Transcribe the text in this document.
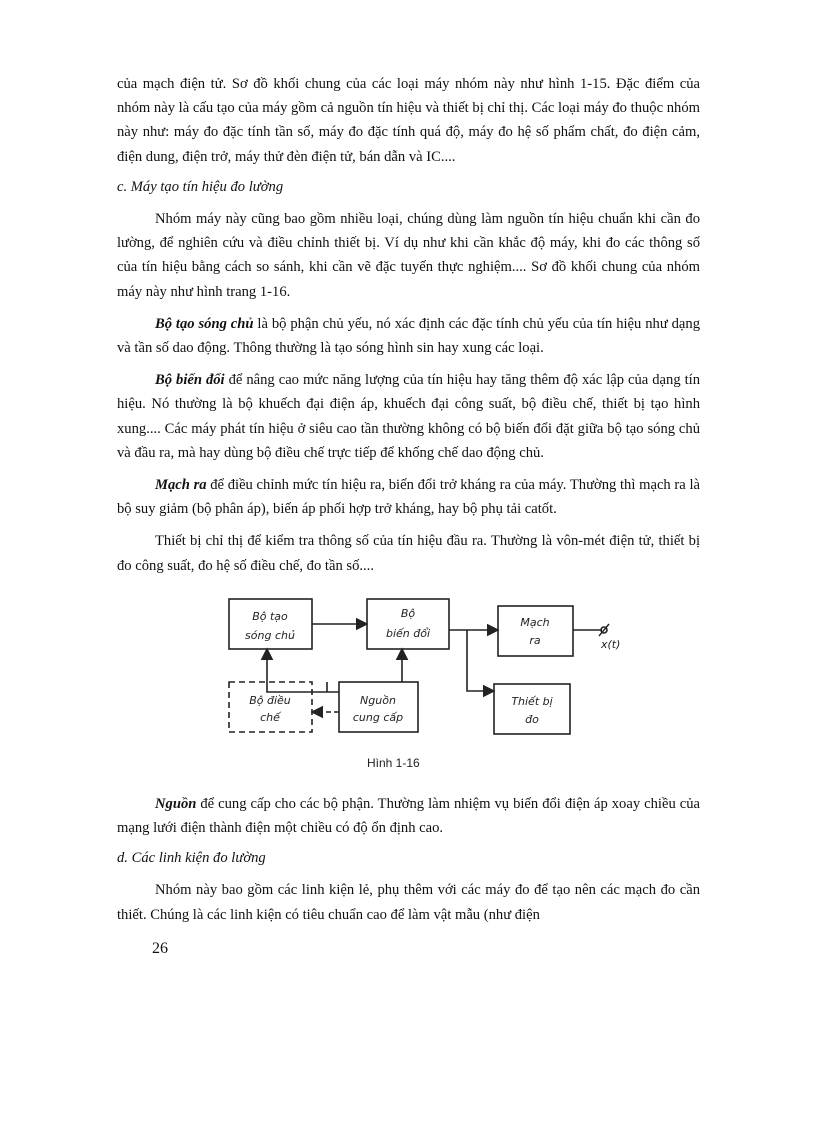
của mạch điện tử. Sơ đồ khối chung của các loại máy nhóm này như hình 1-15. Đặc điểm của nhóm này là cấu tạo của máy gồm cả nguồn tín hiệu và thiết bị chỉ thị. Các loại máy đo thuộc nhóm này như: máy đo đặc tính tần số, máy đo đặc tính quá độ, máy đo hệ số phẩm chất, đo điện cảm, điện dung, điện trở, máy thử đèn điện tử, bán dẫn và IC....

c. Máy tạo tín hiệu đo lường

Nhóm máy này cũng bao gồm nhiều loại, chúng dùng làm nguồn tín hiệu chuẩn khi cần đo lường, để nghiên cứu và điều chỉnh thiết bị. Ví dụ như khi cần khắc độ máy, khi đo các thông số của tín hiệu bằng cách so sánh, khi cần vẽ đặc tuyến thực nghiệm.... Sơ đồ khối chung của nhóm máy này như hình trang 1-16.

Bộ tạo sóng chủ là bộ phận chủ yếu, nó xác định các đặc tính chủ yếu của tín hiệu như dạng và tần số dao động. Thông thường là tạo sóng hình sin hay xung các loại.

Bộ biến đổi để nâng cao mức năng lượng của tín hiệu hay tăng thêm độ xác lập của dạng tín hiệu. Nó thường là bộ khuếch đại điện áp, khuếch đại công suất, bộ điều chế, thiết bị tạo hình xung.... Các máy phát tín hiệu ở siêu cao tần thường không có bộ biến đổi đặt giữa bộ tạo sóng chủ và đầu ra, mà hay dùng bộ điều chế trực tiếp để khống chế dao động chủ.

Mạch ra để điều chỉnh mức tín hiệu ra, biến đổi trở kháng ra của máy. Thường thì mạch ra là bộ suy giảm (bộ phân áp), biến áp phối hợp trở kháng, hay bộ phụ tải catốt.

Thiết bị chỉ thị để kiểm tra thông số của tín hiệu đầu ra. Thường là vôn-mét điện tử, thiết bị đo công suất, đo hệ số điều chế, đo tần số....

Bộ tạo
sóng chủ
Bộ
biến đổi
Mạch
ra
Bộ điều
chế
Nguồn
cung cấp
Thiết bị
đo
x(t)
Hình 1-16

Nguồn để cung cấp cho các bộ phận. Thường làm nhiệm vụ biến đổi điện áp xoay chiều của mạng lưới điện thành điện một chiều có độ ổn định cao.

d. Các linh kiện đo lường

Nhóm này bao gồm các linh kiện lẻ, phụ thêm với các máy đo để tạo nên các mạch đo cần thiết. Chúng là các linh kiện có tiêu chuẩn cao để làm vật mẫu (như điện

26
